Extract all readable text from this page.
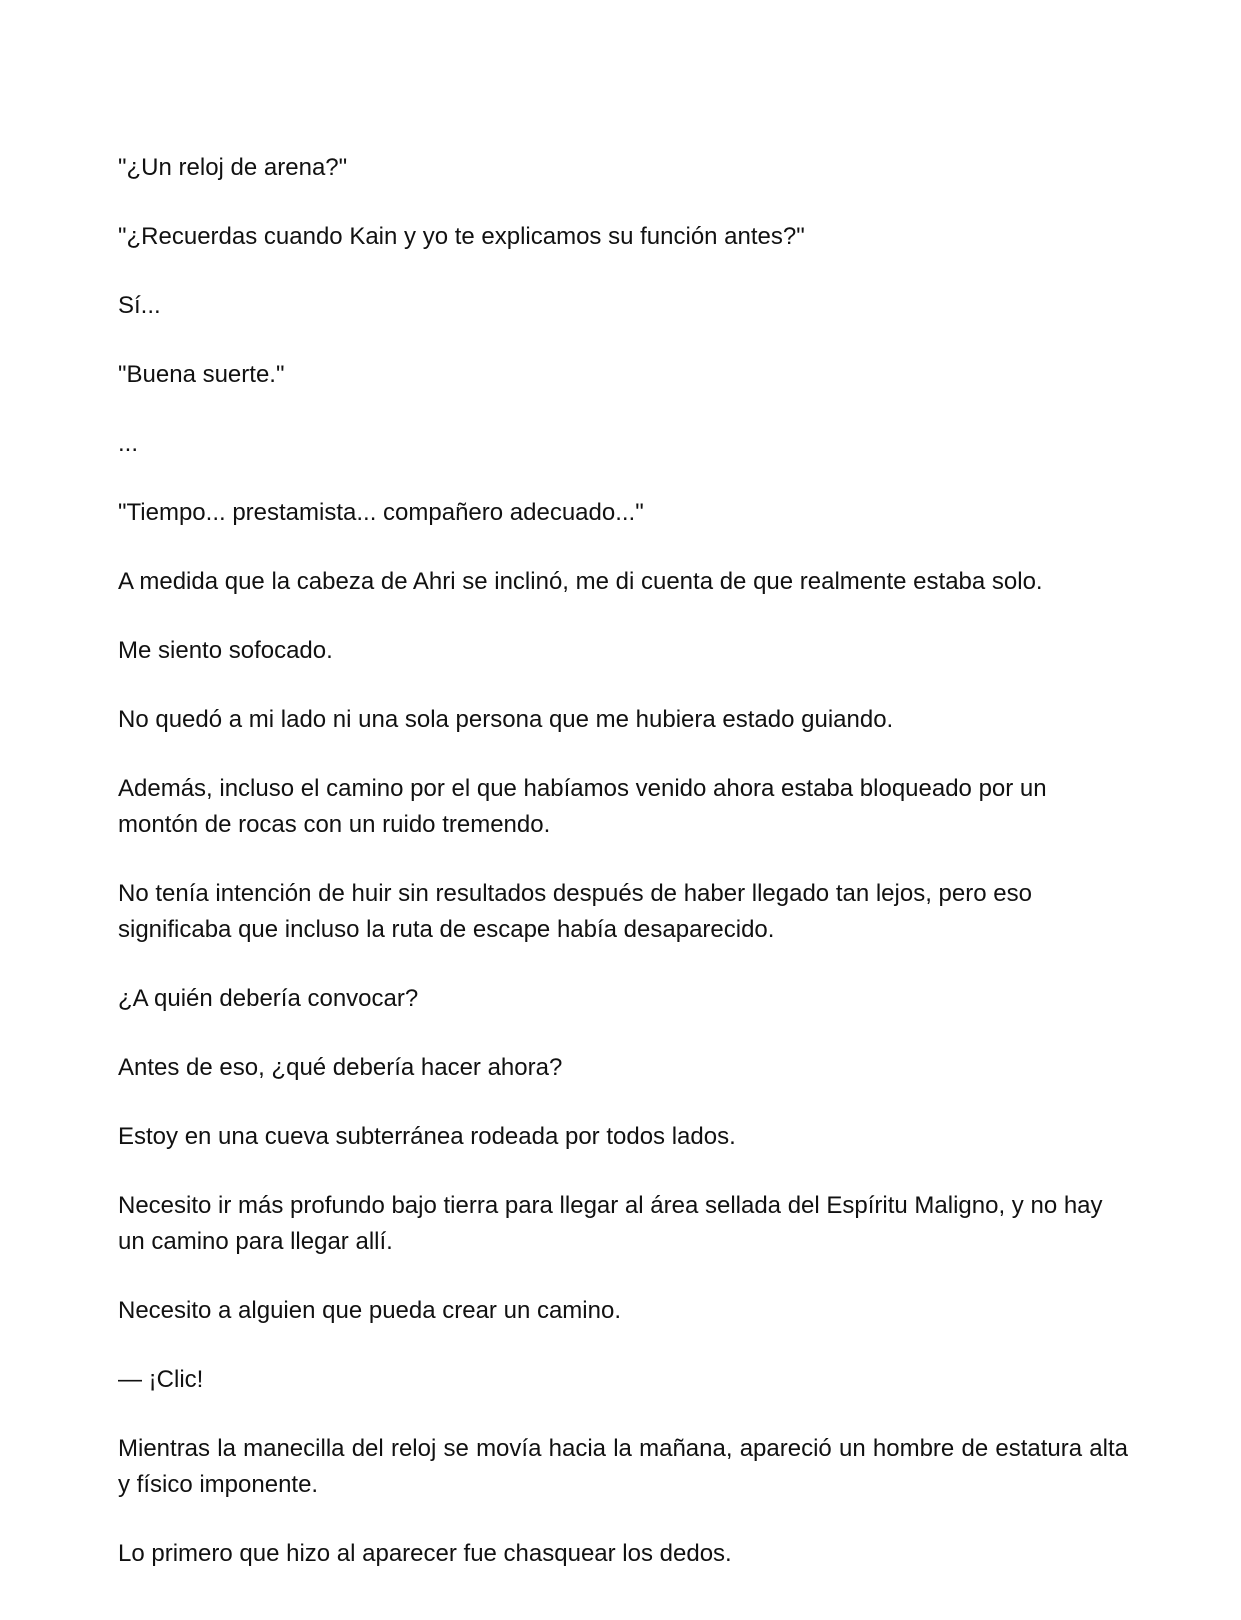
"¿Un reloj de arena?"

"¿Recuerdas cuando Kain y yo te explicamos su función antes?"

Sí...

"Buena suerte."

...

"Tiempo... prestamista... compañero adecuado..."

A medida que la cabeza de Ahri se inclinó, me di cuenta de que realmente estaba solo.

Me siento sofocado.

No quedó a mi lado ni una sola persona que me hubiera estado guiando.

Además, incluso el camino por el que habíamos venido ahora estaba bloqueado por un montón de rocas con un ruido tremendo.

No tenía intención de huir sin resultados después de haber llegado tan lejos, pero eso significaba que incluso la ruta de escape había desaparecido.

¿A quién debería convocar?

Antes de eso, ¿qué debería hacer ahora?

Estoy en una cueva subterránea rodeada por todos lados.

Necesito ir más profundo bajo tierra para llegar al área sellada del Espíritu Maligno, y no hay un camino para llegar allí.

Necesito a alguien que pueda crear un camino.

— ¡Clic!

Mientras la manecilla del reloj se movía hacia la mañana, apareció un hombre de estatura alta y físico imponente.

Lo primero que hizo al aparecer fue chasquear los dedos.
